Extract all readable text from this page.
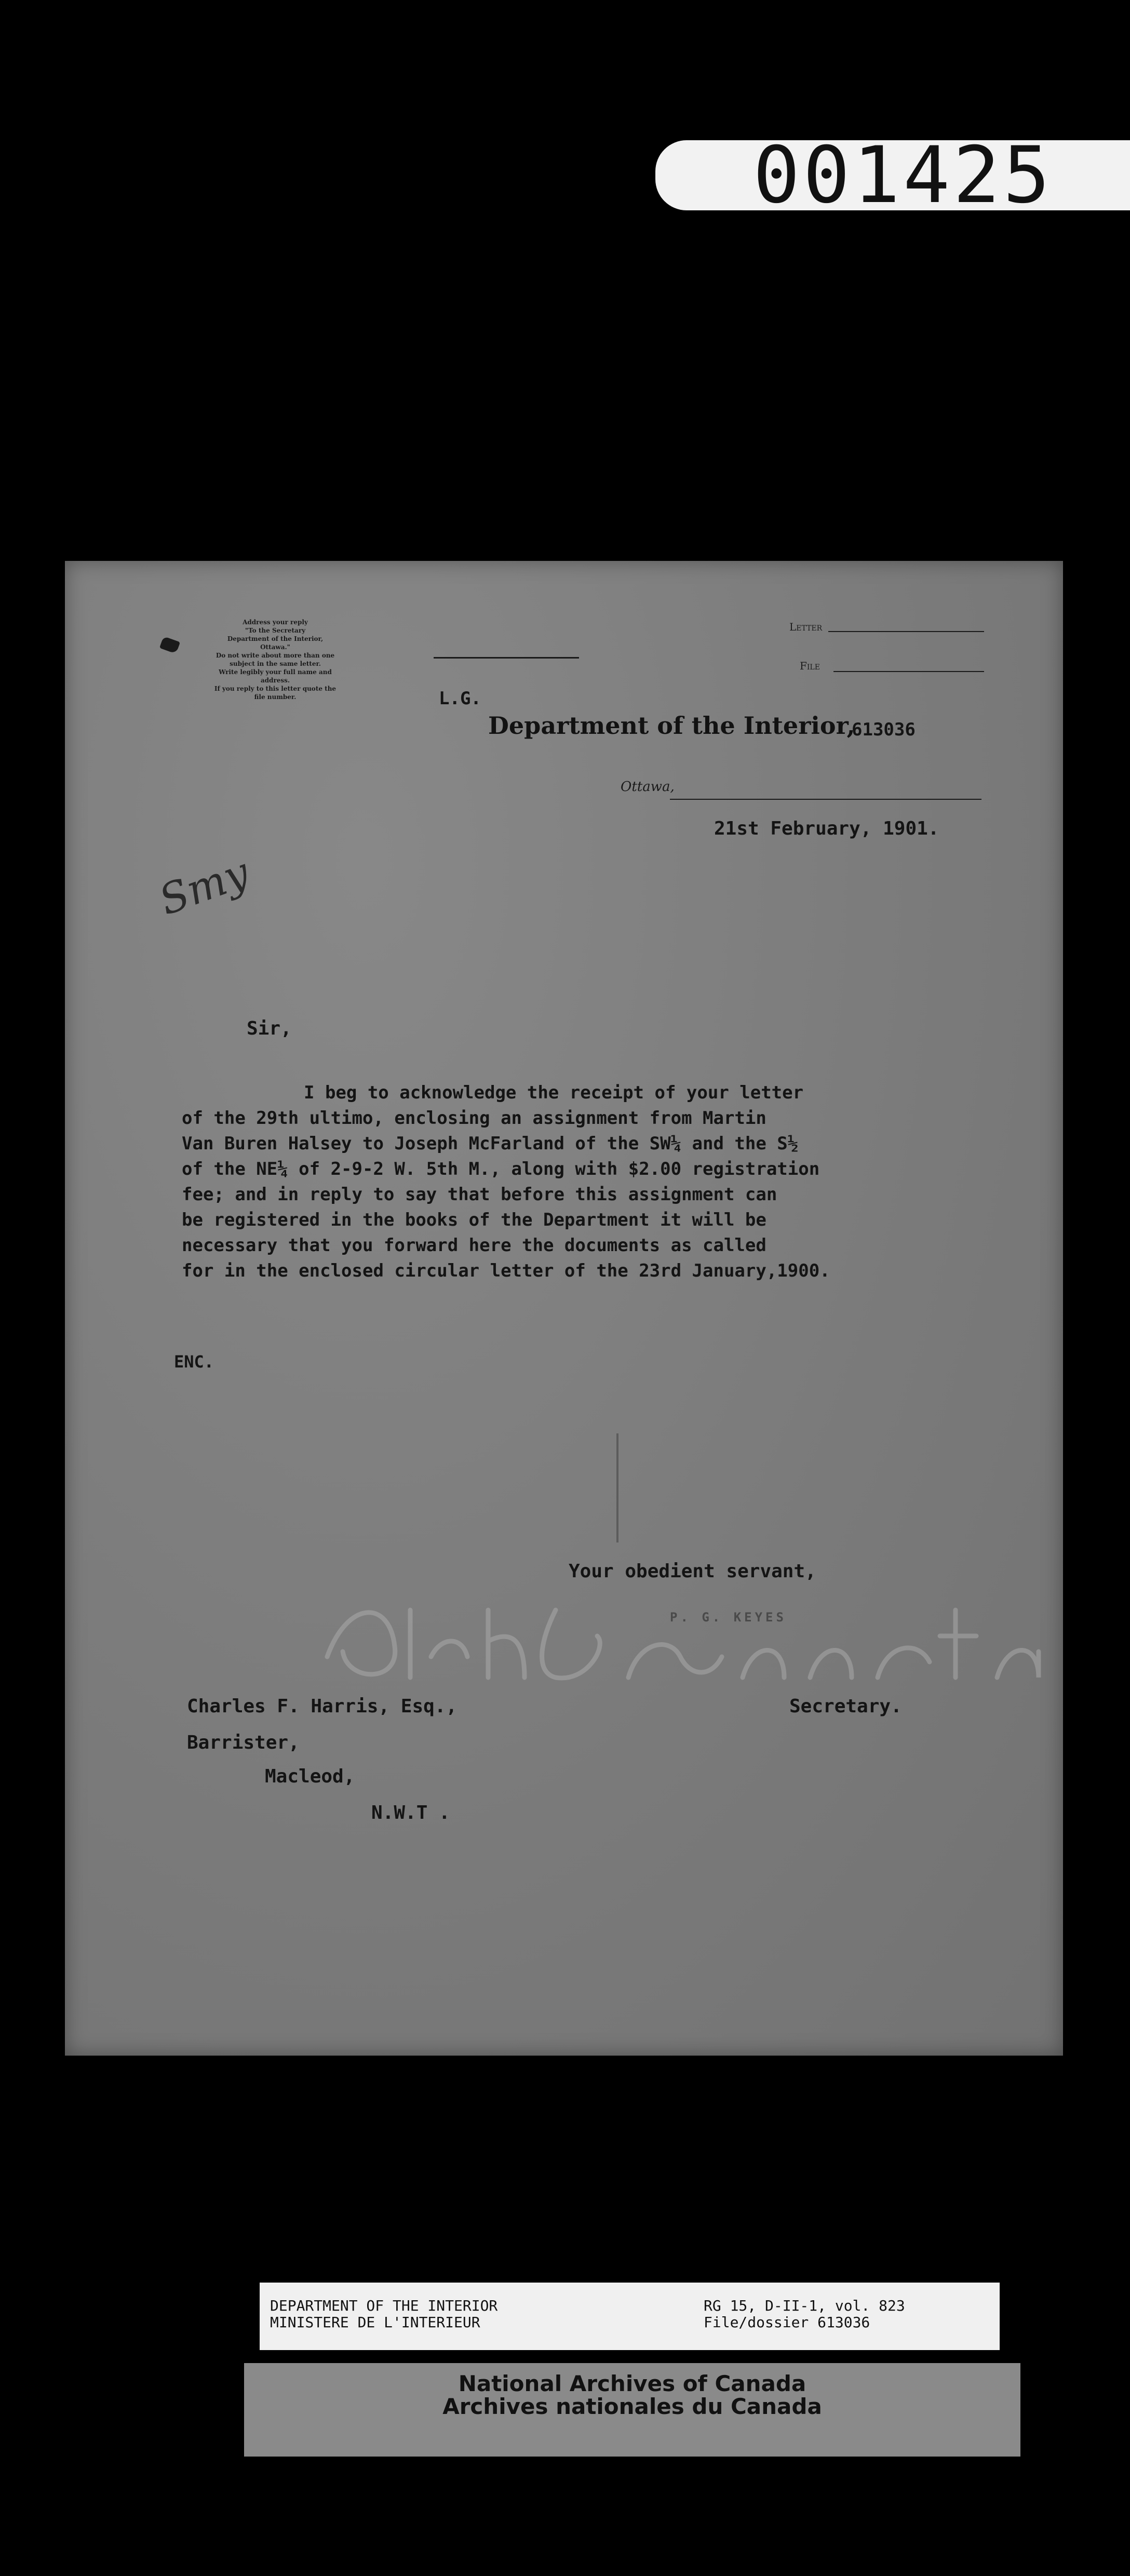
001425
Address your reply
"To the Secretary
Department of the Interior,
Ottawa."
Do not write about more than one
subject in the same letter.
Write legibly your full name and
address.
If you reply to this letter quote the
file number.
Letter
File
L.G.
Department of the Interior,
613036
Ottawa,
21st February, 1901.
Smy
Sir,
Your obedient servant,
P. G. KEYES
Secretary.
Charles F. Harris, Esq.,
Barrister,
Macleod,
N.W.T .
I beg to acknowledge the receipt of your letter
of the 29th ultimo, enclosing an assignment from Martin
Van Buren Halsey to Joseph McFarland of the SW¼ and the S½
of the NE¼ of 2-9-2 W. 5th M., along with $2.00 registration
fee; and in reply to say that before this assignment can
be registered in the books of the Department it will be
necessary that you forward here the documents as called
for in the enclosed circular letter of the 23rd January,1900.
ENC.
DEPARTMENT OF THE INTERIOR
MINISTERE DE L'INTERIEUR
RG 15, D-II-1, vol. 823
File/dossier 613036
National Archives of Canada
Archives nationales du Canada
